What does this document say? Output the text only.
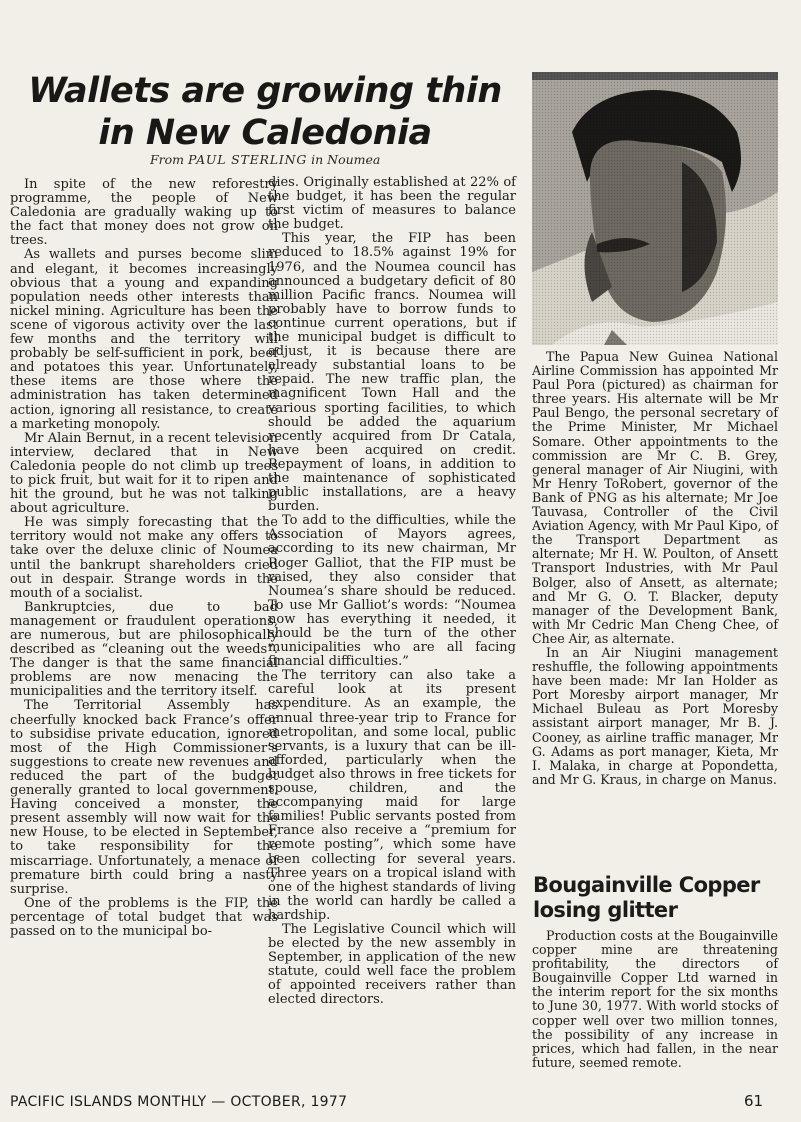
Wallets are growing thin
in New Caledonia
From PAUL STERLING in Noumea

In spite of the new reforestry programme, the people of New Caledonia are gradually waking up to the fact that money does not grow on trees.

As wallets and purses become slim and elegant, it becomes increasingly obvious that a young and expanding population needs other interests than nickel mining. Agriculture has been the scene of vigorous activity over the last few months and the territory will probably be self-sufficient in pork, beef and potatoes this year. Unfortunately, these items are those where the administration has taken determined action, ignoring all resistance, to create a marketing monopoly.

Mr Alain Bernut, in a recent television interview, declared that in New Caledonia people do not climb up trees to pick fruit, but wait for it to ripen and hit the ground, but he was not talking about agriculture.

He was simply forecasting that the territory would not make any offers to take over the deluxe clinic of Noumea until the bankrupt shareholders cried out in despair. Strange words in the mouth of a socialist.

Bankruptcies, due to bad management or fraudulent operations, are numerous, but are philosophically described as “cleaning out the weeds”. The danger is that the same financial problems are now menacing the municipalities and the territory itself.

The Territorial Assembly has cheerfully knocked back France’s offer to subsidise private education, ignored most of the High Commissioner’s suggestions to create new revenues and reduced the part of the budget generally granted to local government. Having conceived a monster, the present assembly will now wait for the new House, to be elected in September, to take responsibility for the miscarriage. Unfortunately, a menace of premature birth could bring a nasty surprise.

One of the problems is the FIP, the percentage of total budget that was passed on to the municipal bo-

dies. Originally established at 22% of the budget, it has been the regular first victim of measures to balance the budget.

This year, the FIP has been reduced to 18.5% against 19% for 1976, and the Noumea council has announced a budgetary deficit of 80 million Pacific francs. Noumea will probably have to borrow funds to continue current operations, but if the municipal budget is difficult to adjust, it is because there are already substantial loans to be repaid. The new traffic plan, the magnificent Town Hall and the various sporting facilities, to which should be added the aquarium recently acquired from Dr Catala, have been acquired on credit. Repayment of loans, in addition to the maintenance of sophisticated public installations, are a heavy burden.

To add to the difficulties, while the Association of Mayors agrees, according to its new chairman, Mr Roger Galliot, that the FIP must be raised, they also consider that Noumea’s share should be reduced. To use Mr Galliot’s words: “Noumea now has everything it needed, it should be the turn of the other municipalities who are all facing financial difficulties.”

The territory can also take a careful look at its present expenditure. As an example, the annual three-year trip to France for metropolitan, and some local, public servants, is a luxury that can be ill-afforded, particularly when the budget also throws in free tickets for spouse, children, and the accompanying maid for large families! Public servants posted from France also receive a “premium for remote posting”, which some have been collecting for several years. Three years on a tropical island with one of the highest standards of living in the world can hardly be called a hardship.

The Legislative Council which will be elected by the new assembly in September, in application of the new statute, could well face the problem of appointed receivers rather than elected directors.

The Papua New Guinea National Airline Commission has appointed Mr Paul Pora (pictured) as chairman for three years. His alternate will be Mr Paul Bengo, the personal secretary of the Prime Minister, Mr Michael Somare. Other appointments to the commission are Mr C. B. Grey, general manager of Air Niugini, with Mr Henry ToRobert, governor of the Bank of PNG as his alternate; Mr Joe Tauvasa, Controller of the Civil Aviation Agency, with Mr Paul Kipo, of the Transport Department as alternate; Mr H. W. Poulton, of Ansett Transport Industries, with Mr Paul Bolger, also of Ansett, as alternate; and Mr G. O. T. Blacker, deputy manager of the Development Bank, with Mr Cedric Man Cheng Chee, of Chee Air, as alternate.

In an Air Niugini management reshuffle, the following appointments have been made: Mr Ian Holder as Port Moresby airport manager, Mr Michael Buleau as Port Moresby assistant airport manager, Mr B. J. Cooney, as airline traffic manager, Mr G. Adams as port manager, Kieta, Mr I. Malaka, in charge at Popondetta, and Mr G. Kraus, in charge on Manus.

Bougainville Copper
losing glitter

Production costs at the Bougainville copper mine are threatening profitability, the directors of Bougainville Copper Ltd warned in the interim report for the six months to June 30, 1977. With world stocks of copper well over two million tonnes, the possibility of any increase in prices, which had fallen, in the near future, seemed remote.

PACIFIC ISLANDS MONTHLY — OCTOBER, 1977	61
